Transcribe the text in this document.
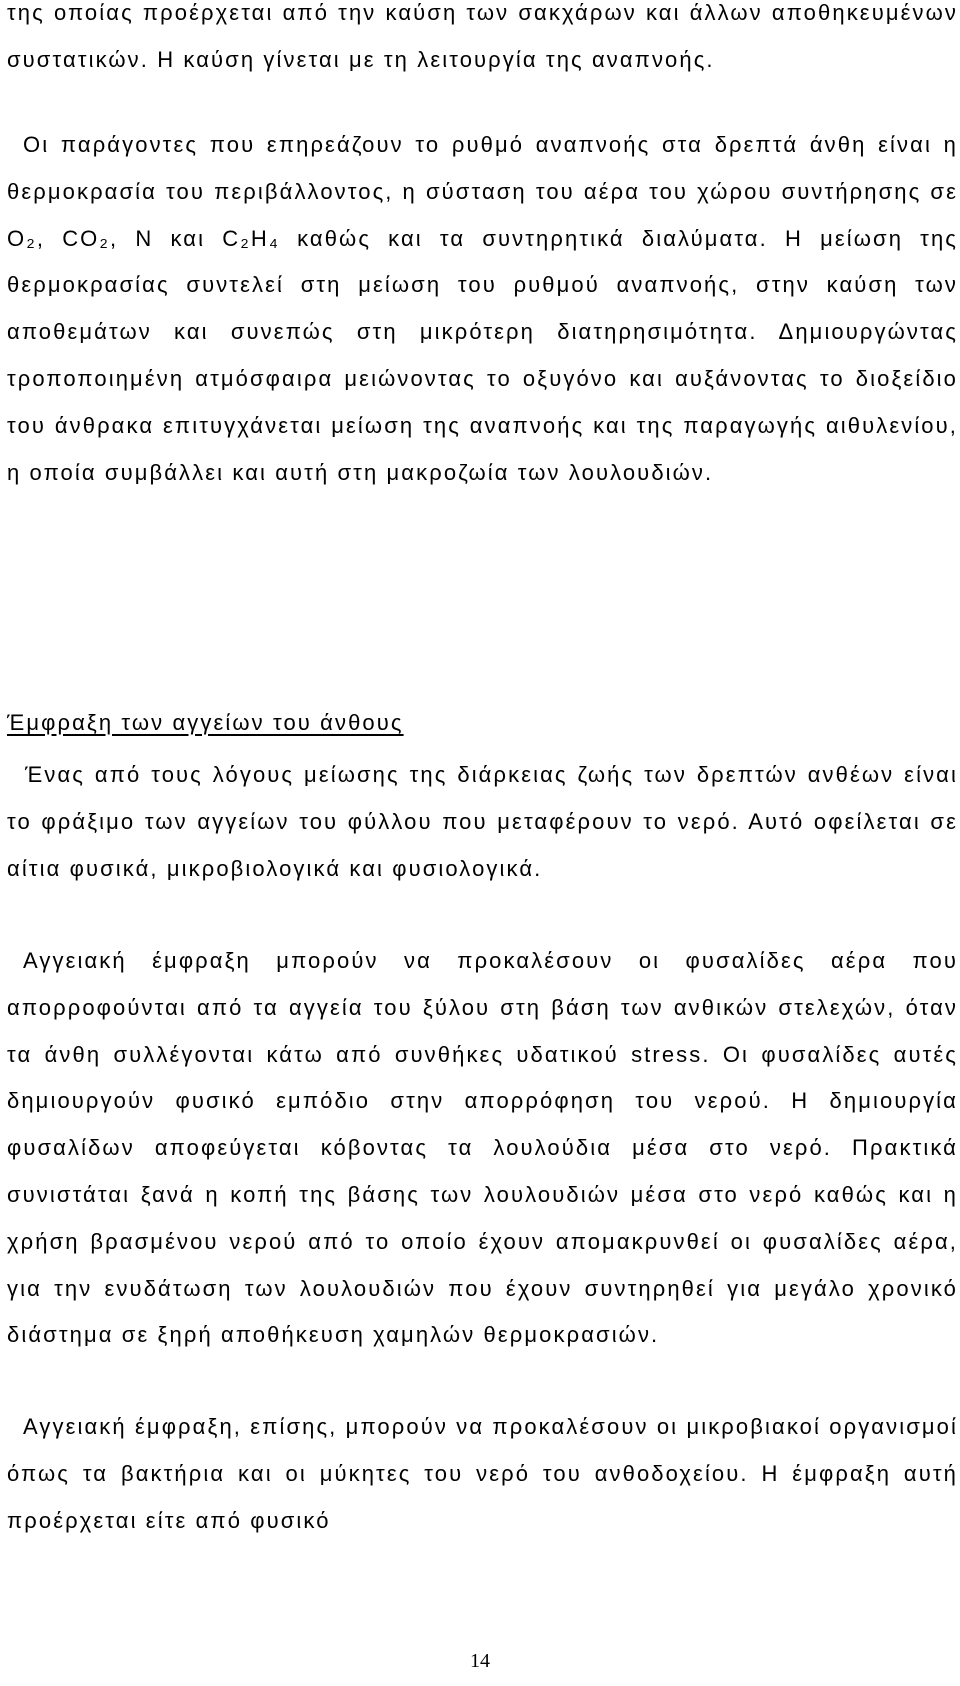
της οποίας προέρχεται από την καύση των σακχάρων και άλλων αποθηκευμένων συστατικών. Η καύση γίνεται με τη λειτουργία της αναπνοής.

Οι παράγοντες που επηρεάζουν το ρυθμό αναπνοής στα δρεπτά άνθη είναι η θερμοκρασία του περιβάλλοντος, η σύσταση του αέρα του χώρου συντήρησης σε O₂, CO₂, N και C₂H₄ καθώς και τα συντηρητικά διαλύματα. Η μείωση της θερμοκρασίας συντελεί στη μείωση του ρυθμού αναπνοής, στην καύση των αποθεμάτων και συνεπώς στη μικρότερη διατηρησιμότητα. Δημιουργώντας τροποποιημένη ατμόσφαιρα μειώνοντας το οξυγόνο και αυξάνοντας το διοξείδιο του άνθρακα επιτυγχάνεται μείωση της αναπνοής και της παραγωγής αιθυλενίου, η οποία συμβάλλει και αυτή στη μακροζωία των λουλουδιών.

Έμφραξη των αγγείων του άνθους

Ένας από τους λόγους μείωσης της διάρκειας ζωής των δρεπτών ανθέων είναι το φράξιμο των αγγείων του φύλλου που μεταφέρουν το νερό. Αυτό οφείλεται σε αίτια φυσικά, μικροβιολογικά και φυσιολογικά.

Αγγειακή έμφραξη μπορούν να προκαλέσουν οι φυσαλίδες αέρα που απορροφούνται από τα αγγεία του ξύλου στη βάση των ανθικών στελεχών, όταν τα άνθη συλλέγονται κάτω από συνθήκες υδατικού stress. Οι φυσαλίδες αυτές δημιουργούν φυσικό εμπόδιο στην απορρόφηση του νερού. Η δημιουργία φυσαλίδων αποφεύγεται κόβοντας τα λουλούδια μέσα στο νερό. Πρακτικά συνιστάται ξανά η κοπή της βάσης των λουλουδιών μέσα στο νερό καθώς και η χρήση βρασμένου νερού από το οποίο έχουν απομακρυνθεί οι φυσαλίδες αέρα, για την ενυδάτωση των λουλουδιών που έχουν συντηρηθεί για μεγάλο χρονικό διάστημα σε ξηρή αποθήκευση χαμηλών θερμοκρασιών.

Αγγειακή έμφραξη, επίσης, μπορούν να προκαλέσουν οι μικροβιακοί οργανισμοί όπως τα βακτήρια και οι μύκητες του νερό του ανθοδοχείου. Η έμφραξη αυτή προέρχεται είτε από φυσικό

14
